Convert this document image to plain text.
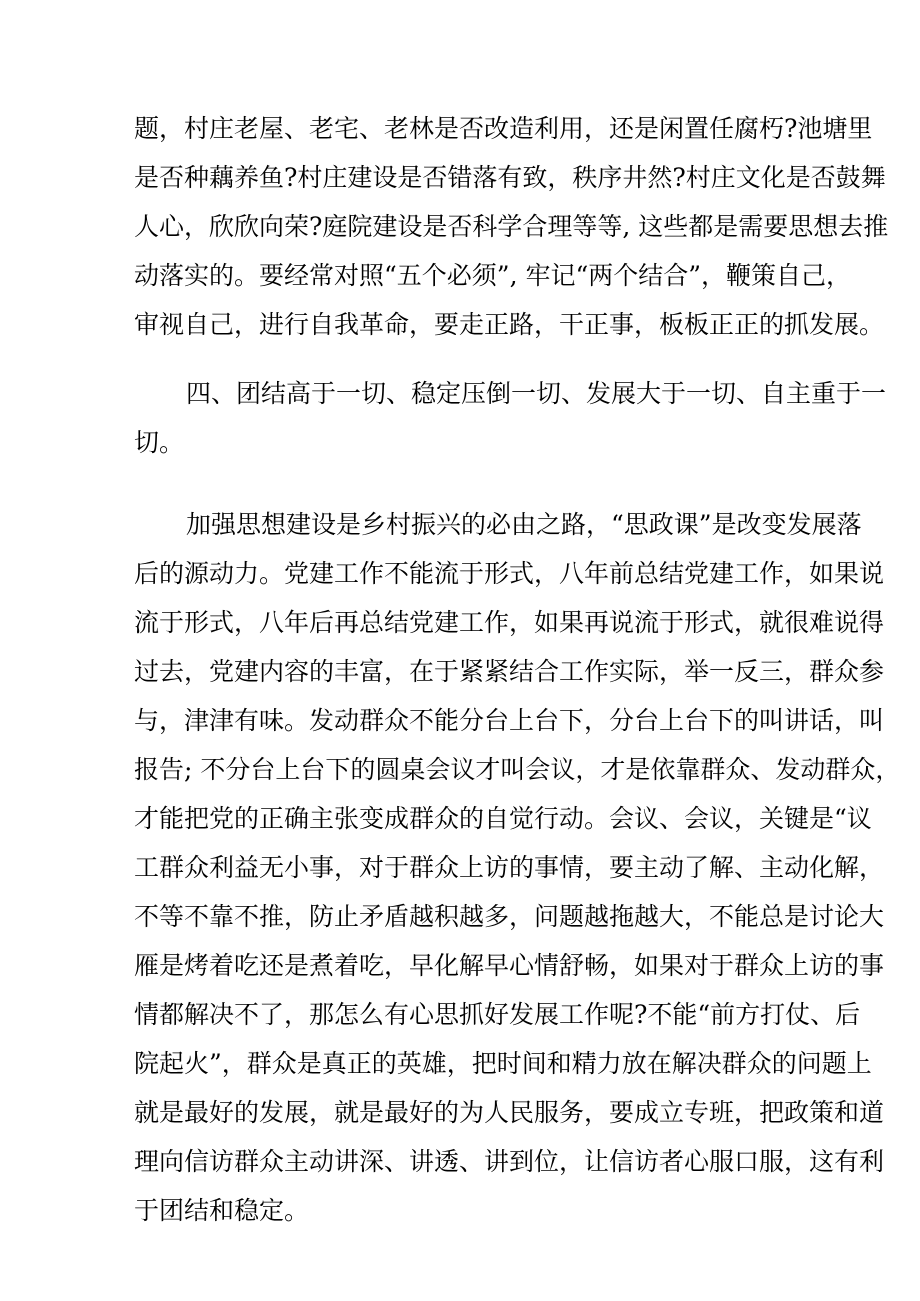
题，村庄老屋、老宅、老林是否改造利用，还是闲置任腐朽?池塘里
是否种藕养鱼?村庄建设是否错落有致，秩序井然?村庄文化是否鼓舞
人心，欣欣向荣?庭院建设是否科学合理等等, 这些都是需要思想去推
动落实的。要经常对照“五个必须”, 牢记“两个结合”，鞭策自己，
审视自己，进行自我革命，要走正路，干正事，板板正正的抓发展。
四、团结高于一切、稳定压倒一切、发展大于一切、自主重于一
切。
加强思想建设是乡村振兴的必由之路，“思政课”是改变发展落
后的源动力。党建工作不能流于形式，八年前总结党建工作，如果说
流于形式，八年后再总结党建工作，如果再说流于形式，就很难说得
过去，党建内容的丰富，在于紧紧结合工作实际，举一反三，群众参
与，津津有味。发动群众不能分台上台下，分台上台下的叫讲话，叫
报告; 不分台上台下的圆桌会议才叫会议，才是依靠群众、发动群众，
才能把党的正确主张变成群众的自觉行动。会议、会议，关键是“议
工群众利益无小事，对于群众上访的事情，要主动了解、主动化解，
不等不靠不推，防止矛盾越积越多，问题越拖越大，不能总是讨论大
雁是烤着吃还是煮着吃，早化解早心情舒畅，如果对于群众上访的事
情都解决不了，那怎么有心思抓好发展工作呢?不能“前方打仗、后
院起火”，群众是真正的英雄，把时间和精力放在解决群众的问题上
就是最好的发展，就是最好的为人民服务，要成立专班，把政策和道
理向信访群众主动讲深、讲透、讲到位，让信访者心服口服，这有利
于团结和稳定。
